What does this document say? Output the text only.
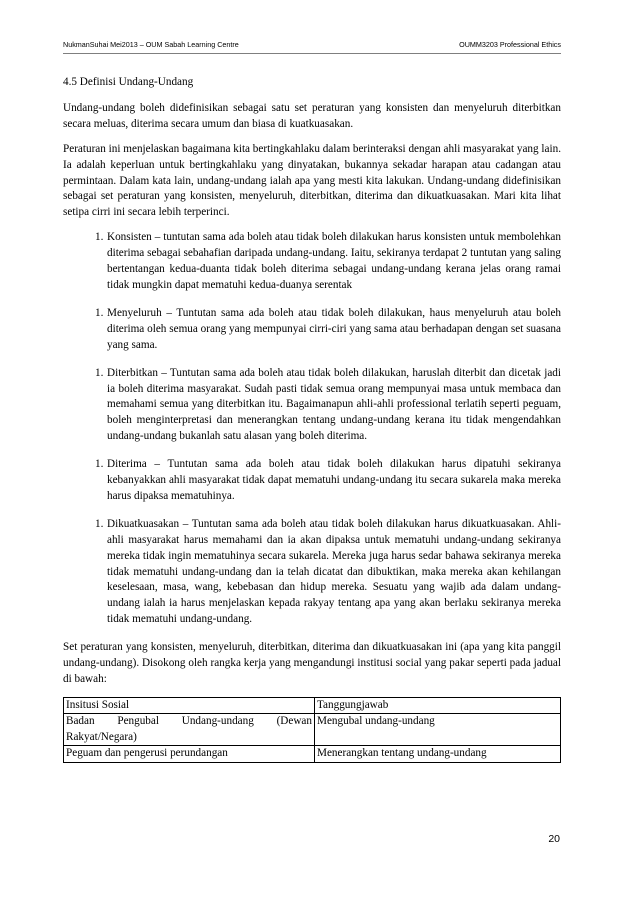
NukmanSuhai Mei2013 – OUM Sabah Learning Centre	OUMM3203 Professional Ethics
4.5 Definisi Undang-Undang

Undang-undang boleh didefinisikan sebagai satu set peraturan yang konsisten dan menyeluruh diterbitkan secara meluas, diterima secara umum dan biasa di kuatkuasakan.

Peraturan ini menjelaskan bagaimana kita bertingkahlaku dalam berinteraksi dengan ahli masyarakat yang lain. Ia adalah keperluan untuk bertingkahlaku yang dinyatakan, bukannya sekadar harapan atau cadangan atau permintaan. Dalam kata lain, undang-undang ialah apa yang mesti kita lakukan. Undang-undang didefinisikan sebagai set peraturan yang konsisten, menyeluruh, diterbitkan, diterima dan dikuatkuasakan. Mari kita lihat setipa cirri ini secara lebih terperinci.

1. Konsisten – tuntutan sama ada boleh atau tidak boleh dilakukan harus konsisten untuk membolehkan diterima sebagai sebahafian daripada undang-undang. Iaitu, sekiranya terdapat 2 tuntutan yang saling bertentangan kedua-duanta tidak boleh diterima sebagai undang-undang kerana jelas orang ramai tidak mungkin dapat mematuhi kedua-duanya serentak
1. Menyeluruh – Tuntutan sama ada boleh atau tidak boleh dilakukan, haus menyeluruh atau boleh diterima oleh semua orang yang mempunyai cirri-ciri yang sama atau berhadapan dengan set suasana yang sama.
1. Diterbitkan – Tuntutan sama ada boleh atau tidak boleh dilakukan, haruslah diterbit dan dicetak jadi ia boleh diterima masyarakat. Sudah pasti tidak semua orang mempunyai masa untuk membaca dan memahami semua yang diterbitkan itu. Bagaimanapun ahli-ahli professional terlatih seperti peguam, boleh menginterpretasi dan menerangkan tentang undang-undang kerana itu tidak mengendahkan undang-undang bukanlah satu alasan yang boleh diterima.
1. Diterima – Tuntutan sama ada boleh atau tidak boleh dilakukan harus dipatuhi sekiranya kebanyakkan ahli masyarakat tidak dapat mematuhi undang-undang itu secara sukarela maka mereka harus dipaksa mematuhinya.
1. Dikuatkuasakan – Tuntutan sama ada boleh atau tidak boleh dilakukan harus dikuatkuasakan. Ahli-ahli masyarakat harus memahami dan ia akan dipaksa untuk mematuhi undang-undang sekiranya mereka tidak ingin mematuhinya secara sukarela. Mereka juga harus sedar bahawa sekiranya mereka tidak mematuhi undang-undang dan ia telah dicatat dan dibuktikan, maka mereka akan kehilangan keselesaan, masa, wang, kebebasan dan hidup mereka. Sesuatu yang wajib ada dalam undang-undang ialah ia harus menjelaskan kepada rakyay tentang apa yang akan berlaku sekiranya mereka tidak mematuhi undang-undang.

Set peraturan yang konsisten, menyeluruh, diterbitkan, diterima dan dikuatkuasakan ini (apa yang kita panggil undang-undang). Disokong oleh rangka kerja yang mengandungi institusi social yang pakar seperti pada jadual di bawah:

Insitusi Sosial	Tanggungjawab
Badan Pengubal Undang-undang (Dewan Rakyat/Negara)	Mengubal undang-undang
Peguam dan pengerusi perundangan	Menerangkan tentang undang-undang
20
